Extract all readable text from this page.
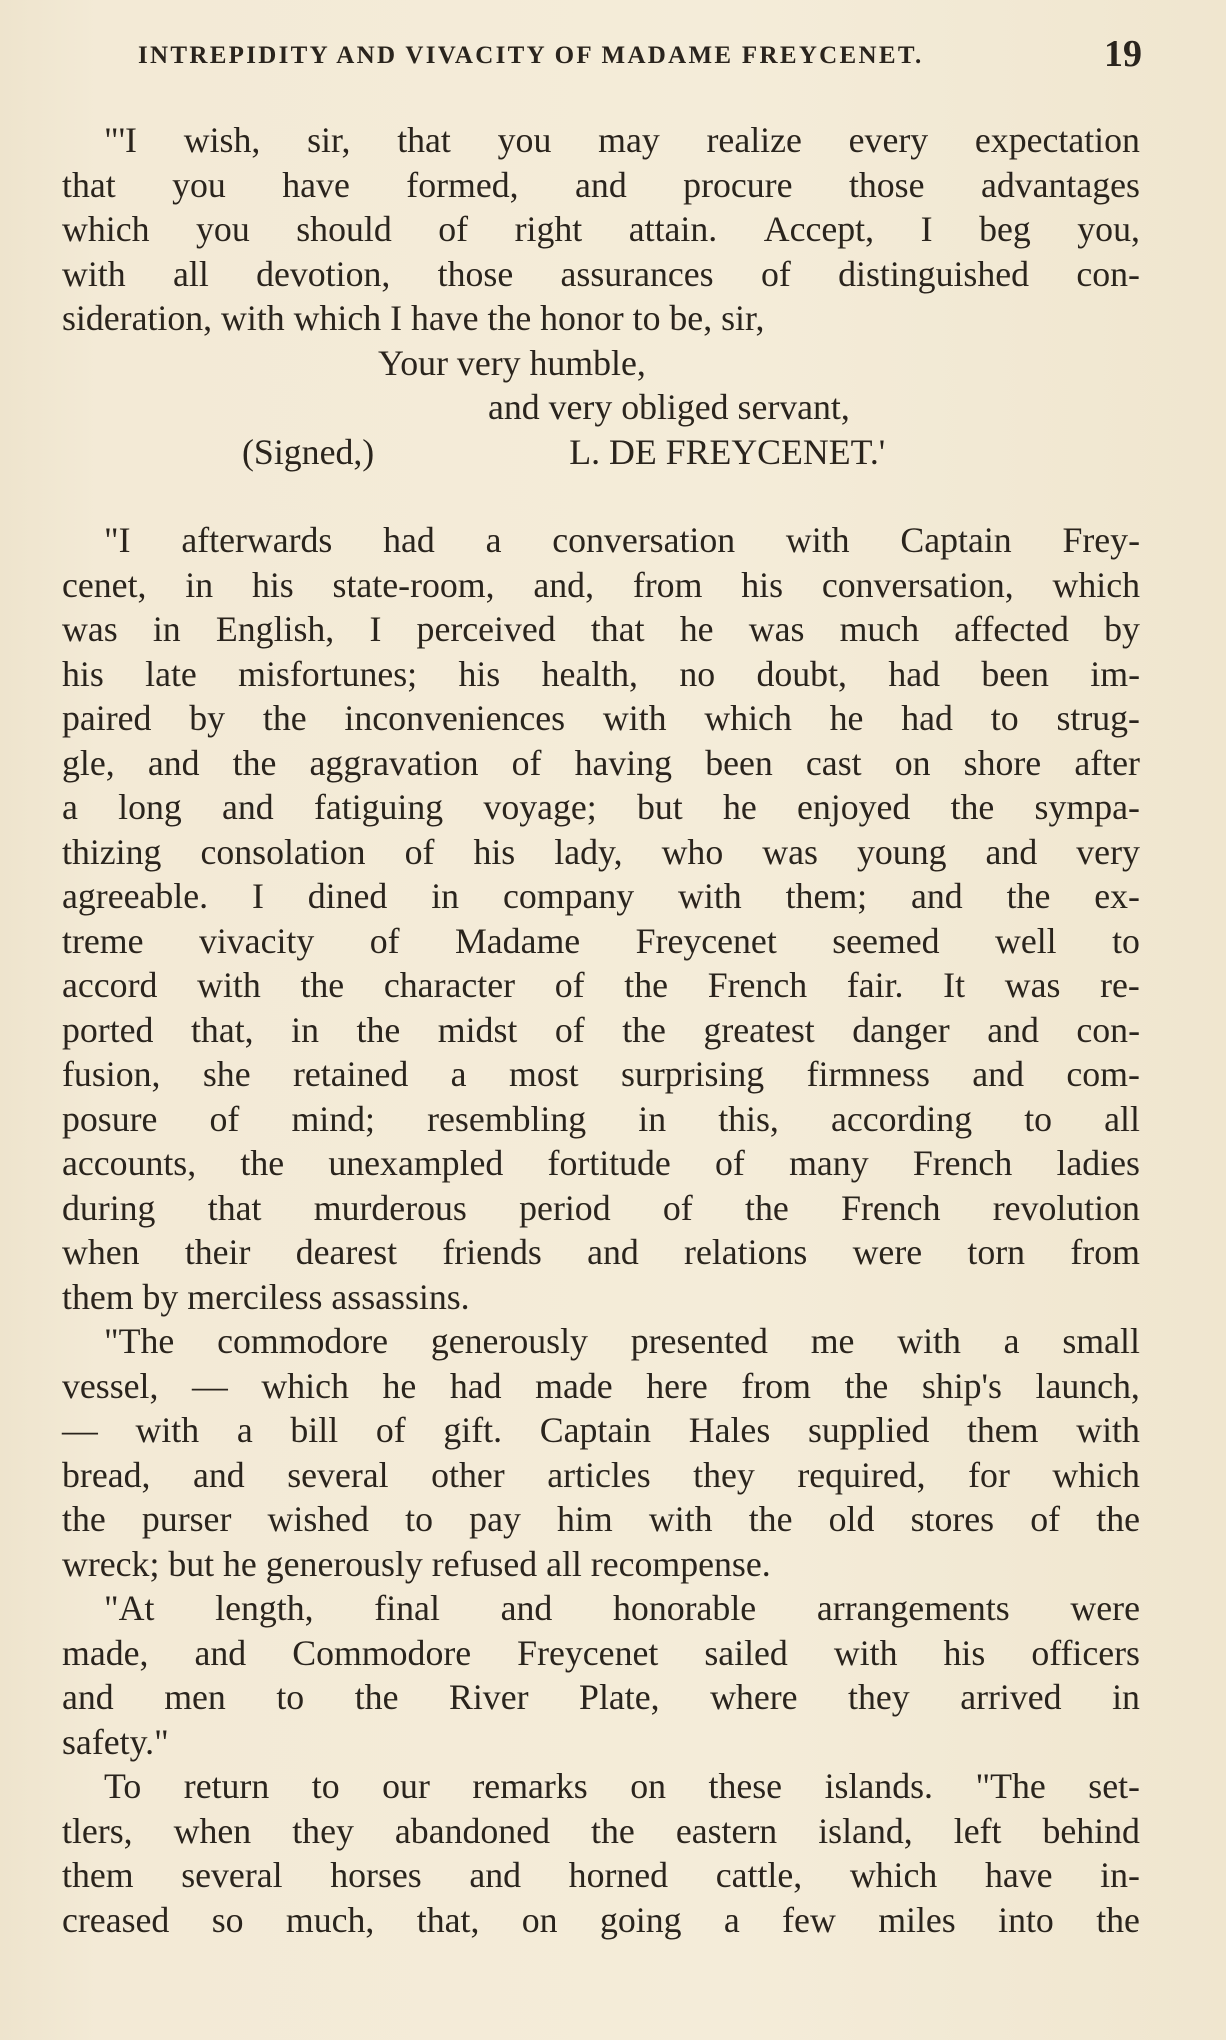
INTREPIDITY AND VIVACITY OF MADAME FREYCENET.	19
"'I wish, sir, that you may realize every expectation
that you have formed, and procure those advantages
which you should of right attain. Accept, I beg you,
with all devotion, those assurances of distinguished con-
sideration, with which I have the honor to be, sir,
Your very humble,
and very obliged servant,
(Signed,)	L. DE FREYCENET.'
"I afterwards had a conversation with Captain Frey-
cenet, in his state-room, and, from his conversation, which
was in English, I perceived that he was much affected by
his late misfortunes; his health, no doubt, had been im-
paired by the inconveniences with which he had to strug-
gle, and the aggravation of having been cast on shore after
a long and fatiguing voyage; but he enjoyed the sympa-
thizing consolation of his lady, who was young and very
agreeable. I dined in company with them; and the ex-
treme vivacity of Madame Freycenet seemed well to
accord with the character of the French fair. It was re-
ported that, in the midst of the greatest danger and con-
fusion, she retained a most surprising firmness and com-
posure of mind; resembling in this, according to all
accounts, the unexampled fortitude of many French ladies
during that murderous period of the French revolution
when their dearest friends and relations were torn from
them by merciless assassins.
"The commodore generously presented me with a small
vessel, — which he had made here from the ship's launch,
— with a bill of gift. Captain Hales supplied them with
bread, and several other articles they required, for which
the purser wished to pay him with the old stores of the
wreck; but he generously refused all recompense.
"At length, final and honorable arrangements were
made, and Commodore Freycenet sailed with his officers
and men to the River Plate, where they arrived in
safety."
To return to our remarks on these islands. "The set-
tlers, when they abandoned the eastern island, left behind
them several horses and horned cattle, which have in-
creased so much, that, on going a few miles into the
